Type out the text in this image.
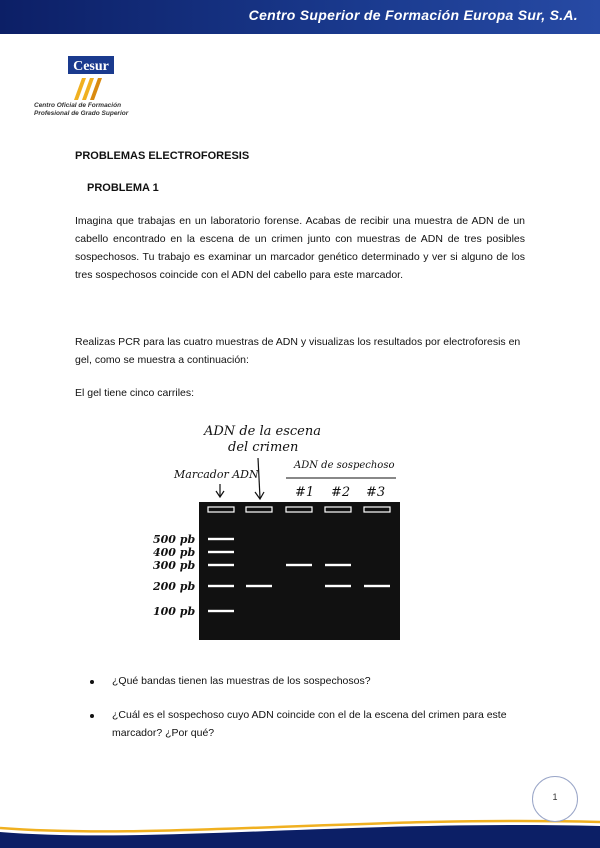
Centro Superior de Formación Europa Sur, S.A.
Cesur
Centro Oficial de Formación
Profesional de Grado Superior
PROBLEMAS ELECTROFORESIS
PROBLEMA 1
Imagina que trabajas en un laboratorio forense. Acabas de recibir una muestra de ADN de un cabello encontrado en la escena de un crimen junto con muestras de ADN de tres posibles sospechosos. Tu trabajo es examinar un marcador genético determinado y ver si alguno de los tres sospechosos coincide con el ADN del cabello para este marcador.
Realizas PCR para las cuatro muestras de ADN y visualizas los resultados por electroforesis en gel, como se muestra a continuación:
El gel tiene cinco carriles:
ADN de la escena
del crimen
Marcador ADN
ADN de sospechoso
#1 #2 #3
500 pb
400 pb
300 pb
200 pb
100 pb
¿Qué bandas tienen las muestras de los sospechosos?
¿Cuál es el sospechoso cuyo ADN coincide con el de la escena del crimen para este marcador? ¿Por qué?
1
